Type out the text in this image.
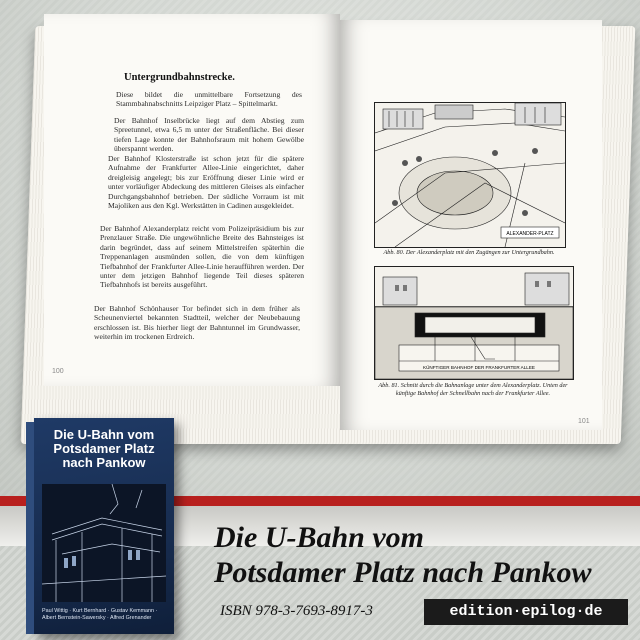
Untergrundbahnstrecke.
Diese bildet die unmittelbare Fortsetzung des Stammbahnabschnitts Leipziger Platz – Spittelmarkt.
Der Bahnhof Inselbrücke liegt auf dem Abstieg zum Spreetunnel, etwa 6,5 m unter der Straßenfläche. Bei dieser tiefen Lage konnte der Bahnhofsraum mit hohem Gewölbe überspannt werden.
Der Bahnhof Klosterstraße ist schon jetzt für die spätere Aufnahme der Frankfurter Allee-Linie eingerichtet, daher dreigleisig angelegt; bis zur Eröffnung dieser Linie wird er unter vorläufiger Abdeckung des mittleren Gleises als einfacher Durchgangsbahnhof betrieben. Der südliche Vorraum ist mit Majoliken aus den Kgl. Werkstätten in Cadinen ausgekleidet.
Der Bahnhof Alexanderplatz reicht vom Polizeipräsidium bis zur Prenzlauer Straße. Die ungewöhnliche Breite des Bahnsteiges ist darin begründet, dass auf seinem Mittelstreifen späterhin die Treppenanlagen ausmünden sollen, die von dem künftigen Tiefbahnhof der Frankfurter Allee-Linie heraufführen werden. Der unter dem jetzigen Bahnhof liegende Teil dieses späteren Tiefbahnhofs ist bereits ausgeführt.
Der Bahnhof Schönhauser Tor befindet sich in dem früher als Scheunenviertel bekannten Stadtteil, welcher der Neubebauung erschlossen ist. Bis hierher liegt der Bahntunnel im Grundwasser, weiterhin im trockenen Erdreich.
100
ALEXANDER-PLATZ
Abb. 80. Der Alexanderplatz mit den Zugängen zur Untergrundbahn.
KÜNFTIGER BAHNHOF DER FRANKFURTER ALLEE
Abb. 81. Schnitt durch die Bahnanlage unter dem Alexanderplatz. Unten der künftige Bahnhof der Schnellbahn nach der Frankfurter Allee.
101
Die U-Bahn vom Potsdamer Platz nach Pankow
Paul Wittig · Kurt Bernhard · Gustav Kemmann · Albert Bernstein-Sawersky · Alfred Grenander
Die U-Bahn vom
Potsdamer Platz nach Pankow
ISBN 978-3-7693-8917-3	edition·epilog·de
